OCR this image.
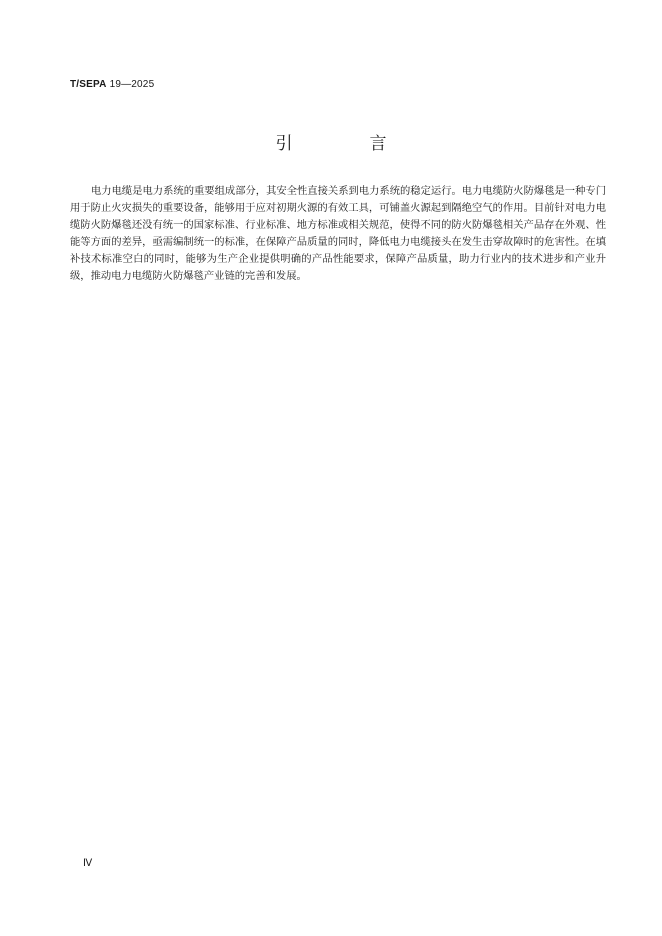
T/SEPA 19—2025
引　言

电力电缆是电力系统的重要组成部分，其安全性直接关系到电力系统的稳定运行。电力电缆防火防爆毯是一种专门用于防止火灾损失的重要设备，能够用于应对初期火源的有效工具，可铺盖火源起到隔绝空气的作用。目前针对电力电缆防火防爆毯还没有统一的国家标准、行业标准、地方标准或相关规范，使得不同的防火防爆毯相关产品存在外观、性能等方面的差异，亟需编制统一的标准，在保障产品质量的同时，降低电力电缆接头在发生击穿故障时的危害性。在填补技术标准空白的同时，能够为生产企业提供明确的产品性能要求，保障产品质量，助力行业内的技术进步和产业升级，推动电力电缆防火防爆毯产业链的完善和发展。

Ⅳ
